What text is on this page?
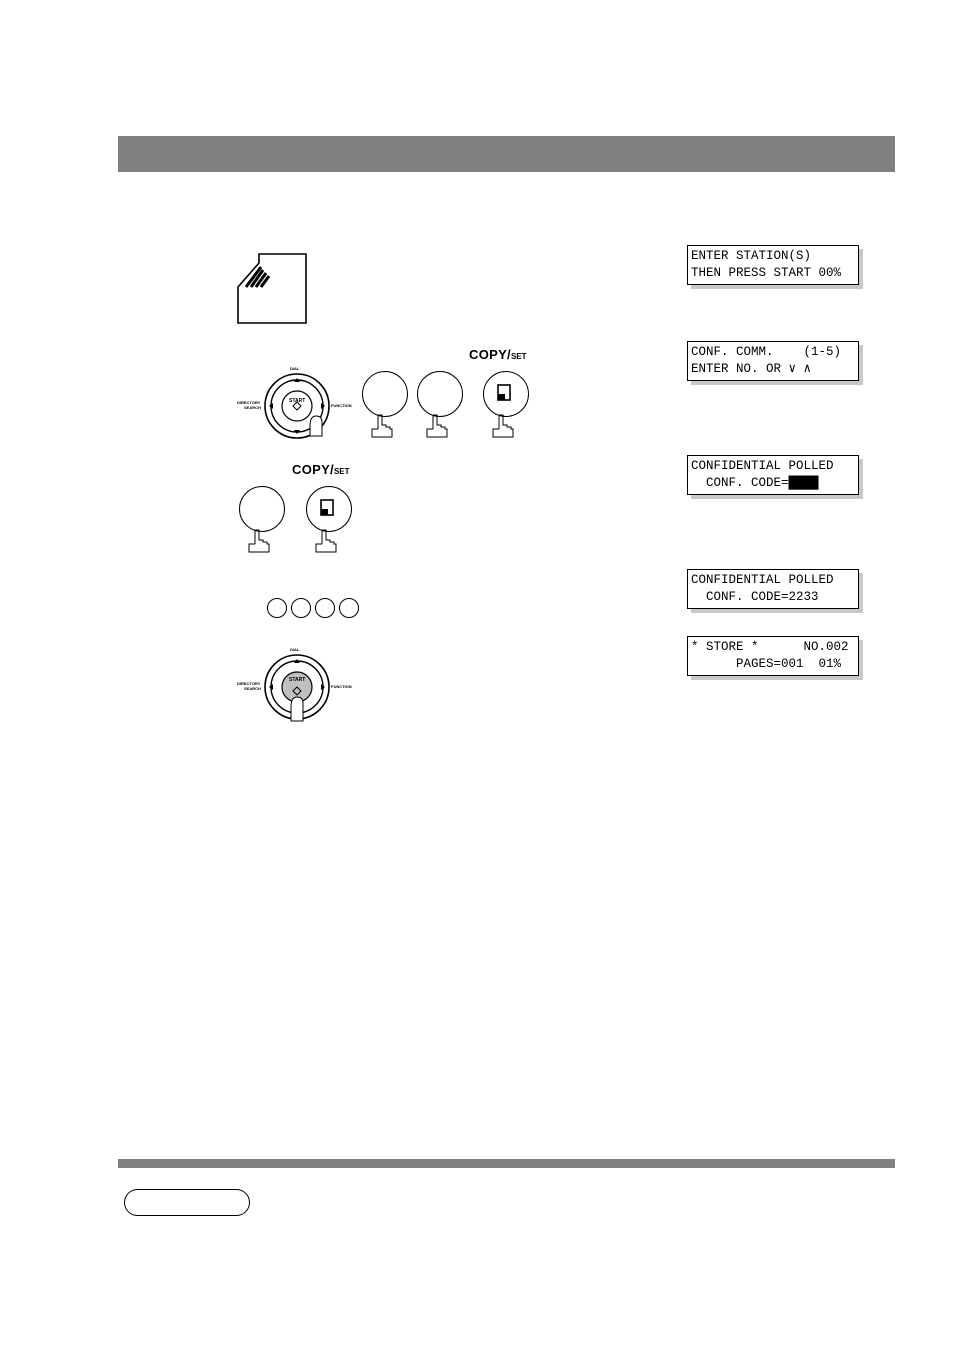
DIAL
DIRECTORY
SEARCH	FUNCTION
START
COPY/SET
COPY/SET
DIAL
DIRECTORY
SEARCH	FUNCTION
START
ENTER STATION(S)
THEN PRESS START 00%
CONF. COMM.    (1-5)
ENTER NO. OR ∨ ∧
CONFIDENTIAL POLLED
CONF. CODE=████
CONFIDENTIAL POLLED
CONF. CODE=2233
* STORE *      NO.002
PAGES=001  01%
